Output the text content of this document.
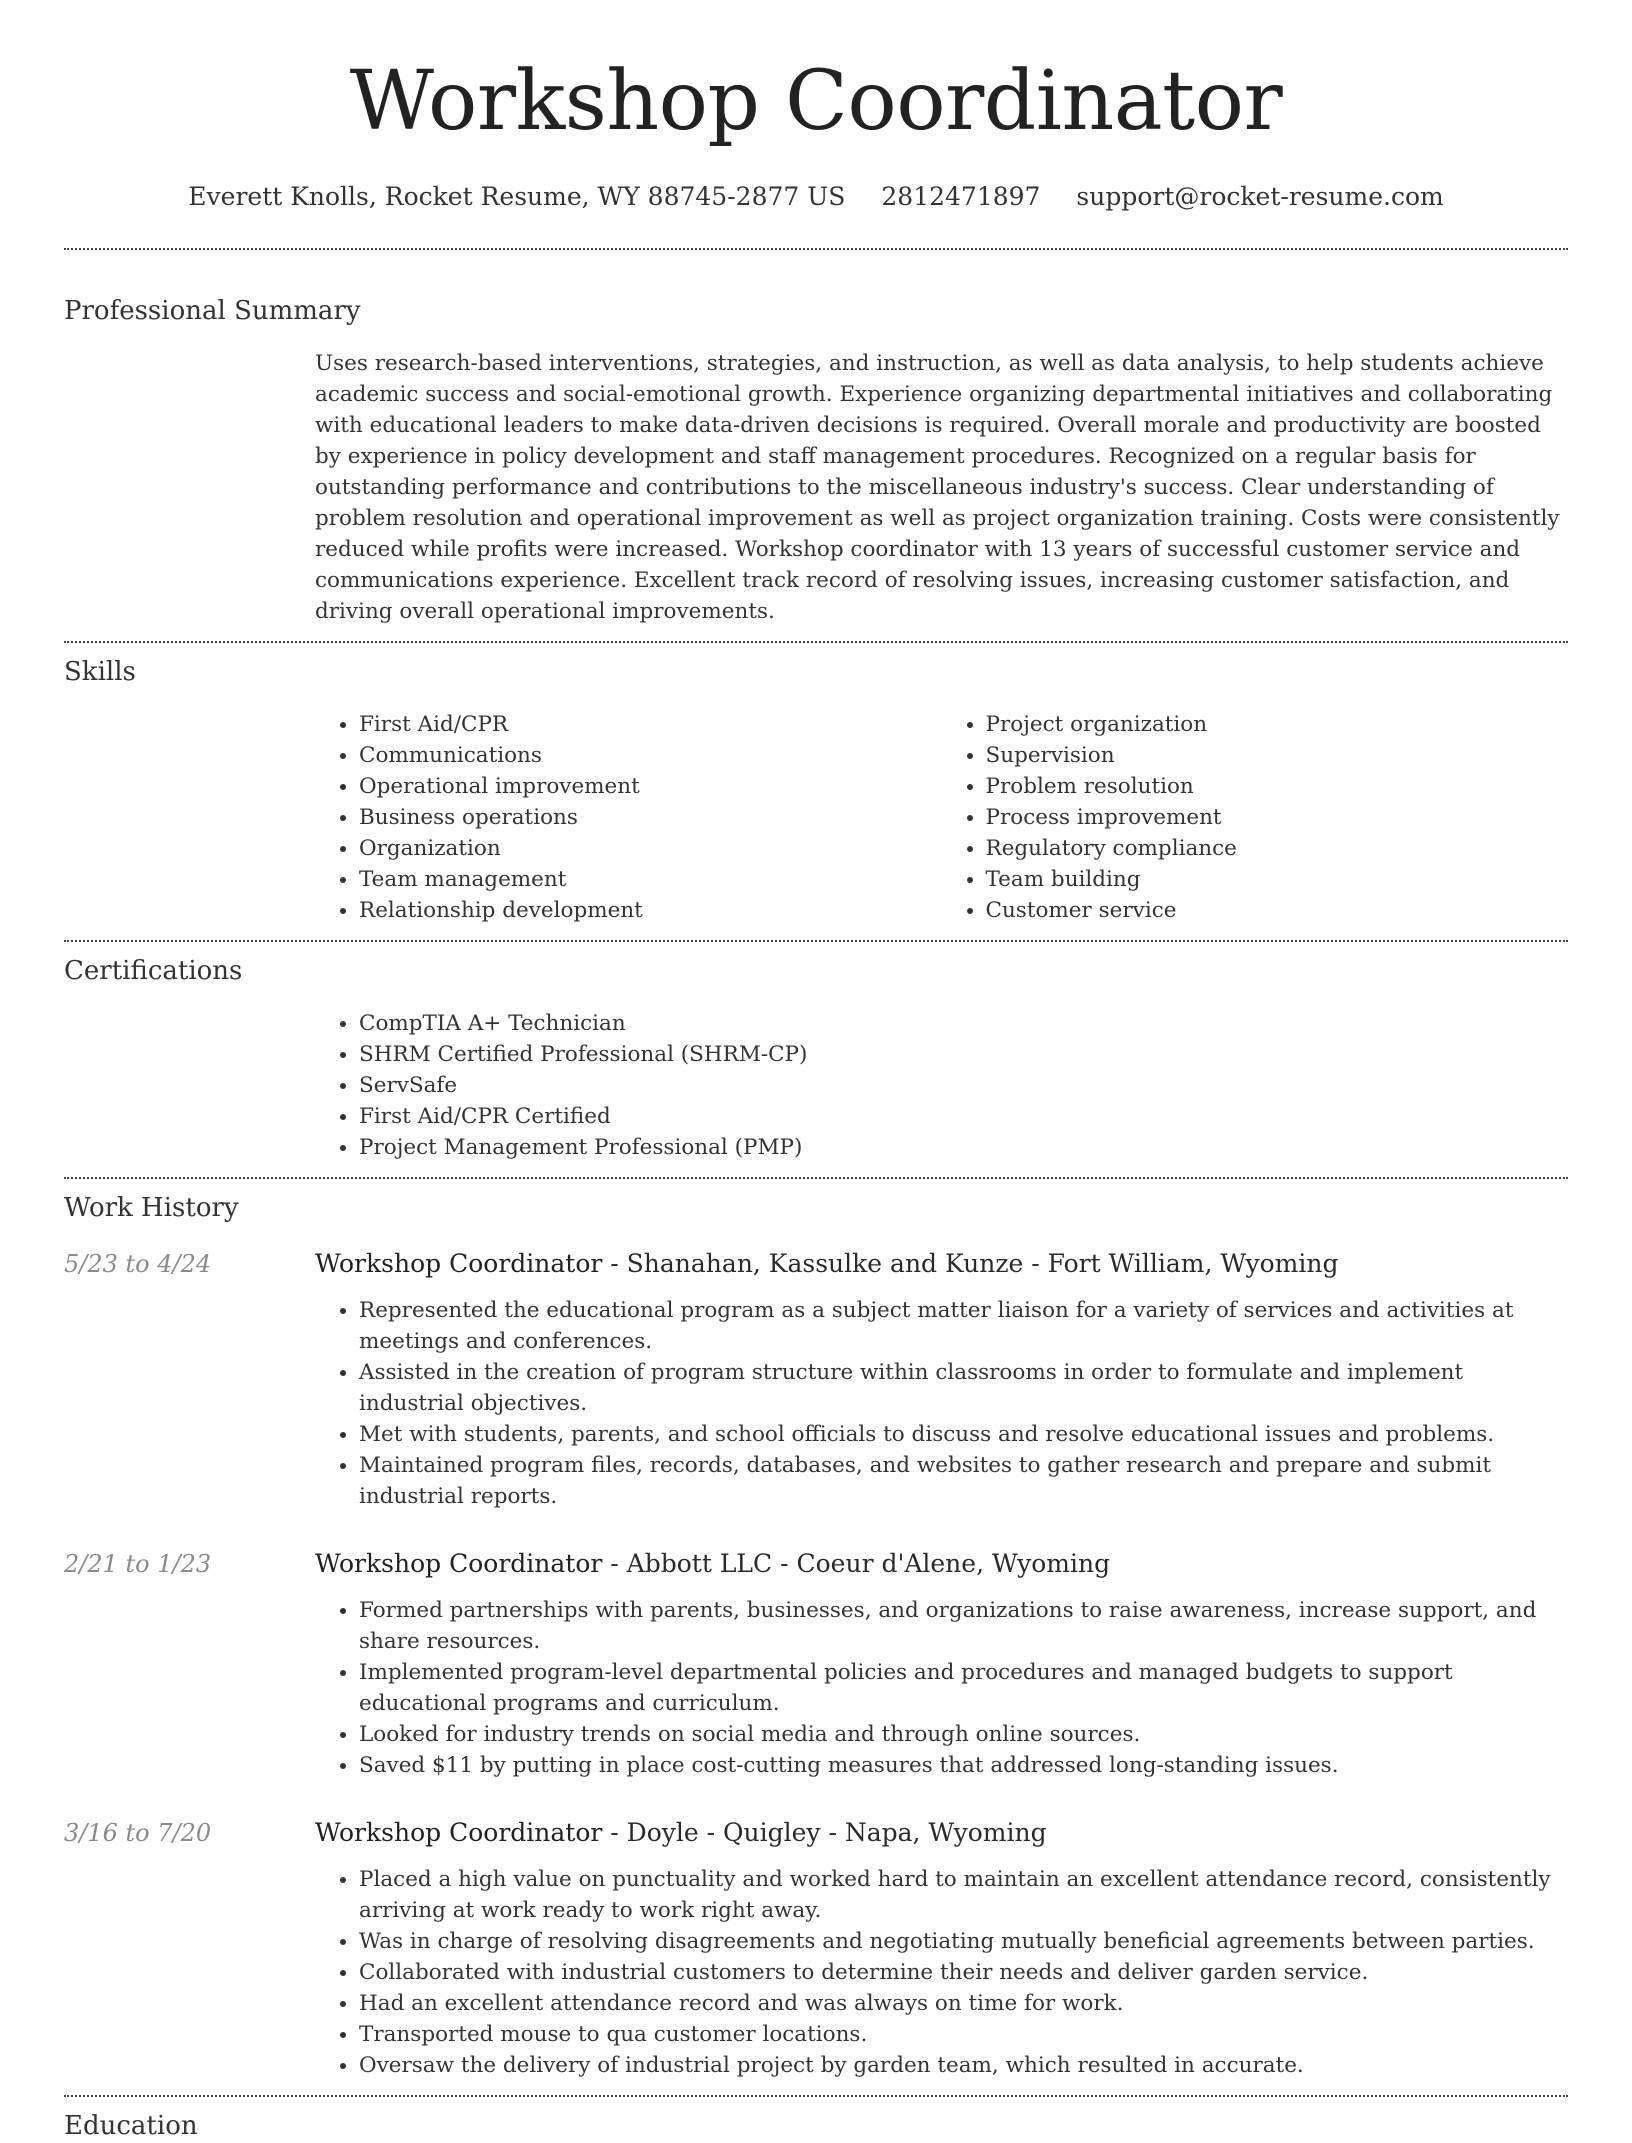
Workshop Coordinator
Everett Knolls, Rocket Resume, WY 88745-2877 US 2812471897 support@rocket-resume.com
Professional Summary
Uses research-based interventions, strategies, and instruction, as well as data analysis, to help students achieve academic success and social-emotional growth. Experience organizing departmental initiatives and collaborating with educational leaders to make data-driven decisions is required. Overall morale and productivity are boosted by experience in policy development and staff management procedures. Recognized on a regular basis for outstanding performance and contributions to the miscellaneous industry's success. Clear understanding of problem resolution and operational improvement as well as project organization training. Costs were consistently reduced while profits were increased. Workshop coordinator with 13 years of successful customer service and communications experience. Excellent track record of resolving issues, increasing customer satisfaction, and driving overall operational improvements.
Skills
• First Aid/CPR
• Communications
• Operational improvement
• Business operations
• Organization
• Team management
• Relationship development
• Project organization
• Supervision
• Problem resolution
• Process improvement
• Regulatory compliance
• Team building
• Customer service
Certifications
• CompTIA A+ Technician
• SHRM Certified Professional (SHRM-CP)
• ServSafe
• First Aid/CPR Certified
• Project Management Professional (PMP)
Work History
5/23 to 4/24	Workshop Coordinator - Shanahan, Kassulke and Kunze - Fort William, Wyoming
• Represented the educational program as a subject matter liaison for a variety of services and activities at meetings and conferences.
• Assisted in the creation of program structure within classrooms in order to formulate and implement industrial objectives.
• Met with students, parents, and school officials to discuss and resolve educational issues and problems.
• Maintained program files, records, databases, and websites to gather research and prepare and submit industrial reports.
2/21 to 1/23	Workshop Coordinator - Abbott LLC - Coeur d'Alene, Wyoming
• Formed partnerships with parents, businesses, and organizations to raise awareness, increase support, and share resources.
• Implemented program-level departmental policies and procedures and managed budgets to support educational programs and curriculum.
• Looked for industry trends on social media and through online sources.
• Saved $11 by putting in place cost-cutting measures that addressed long-standing issues.
3/16 to 7/20	Workshop Coordinator - Doyle - Quigley - Napa, Wyoming
• Placed a high value on punctuality and worked hard to maintain an excellent attendance record, consistently arriving at work ready to work right away.
• Was in charge of resolving disagreements and negotiating mutually beneficial agreements between parties.
• Collaborated with industrial customers to determine their needs and deliver garden service.
• Had an excellent attendance record and was always on time for work.
• Transported mouse to qua customer locations.
• Oversaw the delivery of industrial project by garden team, which resulted in accurate.
Education
